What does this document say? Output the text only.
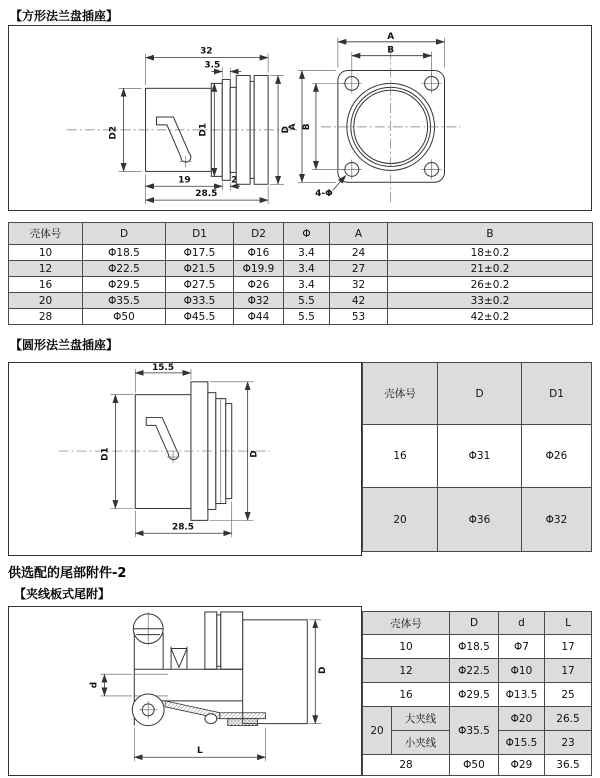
【方形法兰盘插座】
32
3.5
D2	D1	D
19	2
28.5
A
B
A B
4-Φ
壳体号	D	D1	D2	Φ	A	B
10	Φ18.5	Φ17.5	Φ16	3.4	24	18±0.2
12	Φ22.5	Φ21.5	Φ19.9	3.4	27	21±0.2
16	Φ29.5	Φ27.5	Φ26	3.4	32	26±0.2
20	Φ35.5	Φ33.5	Φ32	5.5	42	33±0.2
28	Φ50	Φ45.5	Φ44	5.5	53	42±0.2
【圆形法兰盘插座】
15.5
D1	D
28.5
壳体号	D	D1
16	Φ31	Φ26
20	Φ36	Φ32
供选配的尾部附件-2
【夹线板式尾附】
d
D
L
壳体号		D	d	L
10		Φ18.5	Φ7	17
12		Φ22.5	Φ10	17
16		Φ29.5	Φ13.5	25
20	大夹线	Φ35.5	Φ20	26.5
	小夹线		Φ15.5	23
28		Φ50	Φ29	36.5
